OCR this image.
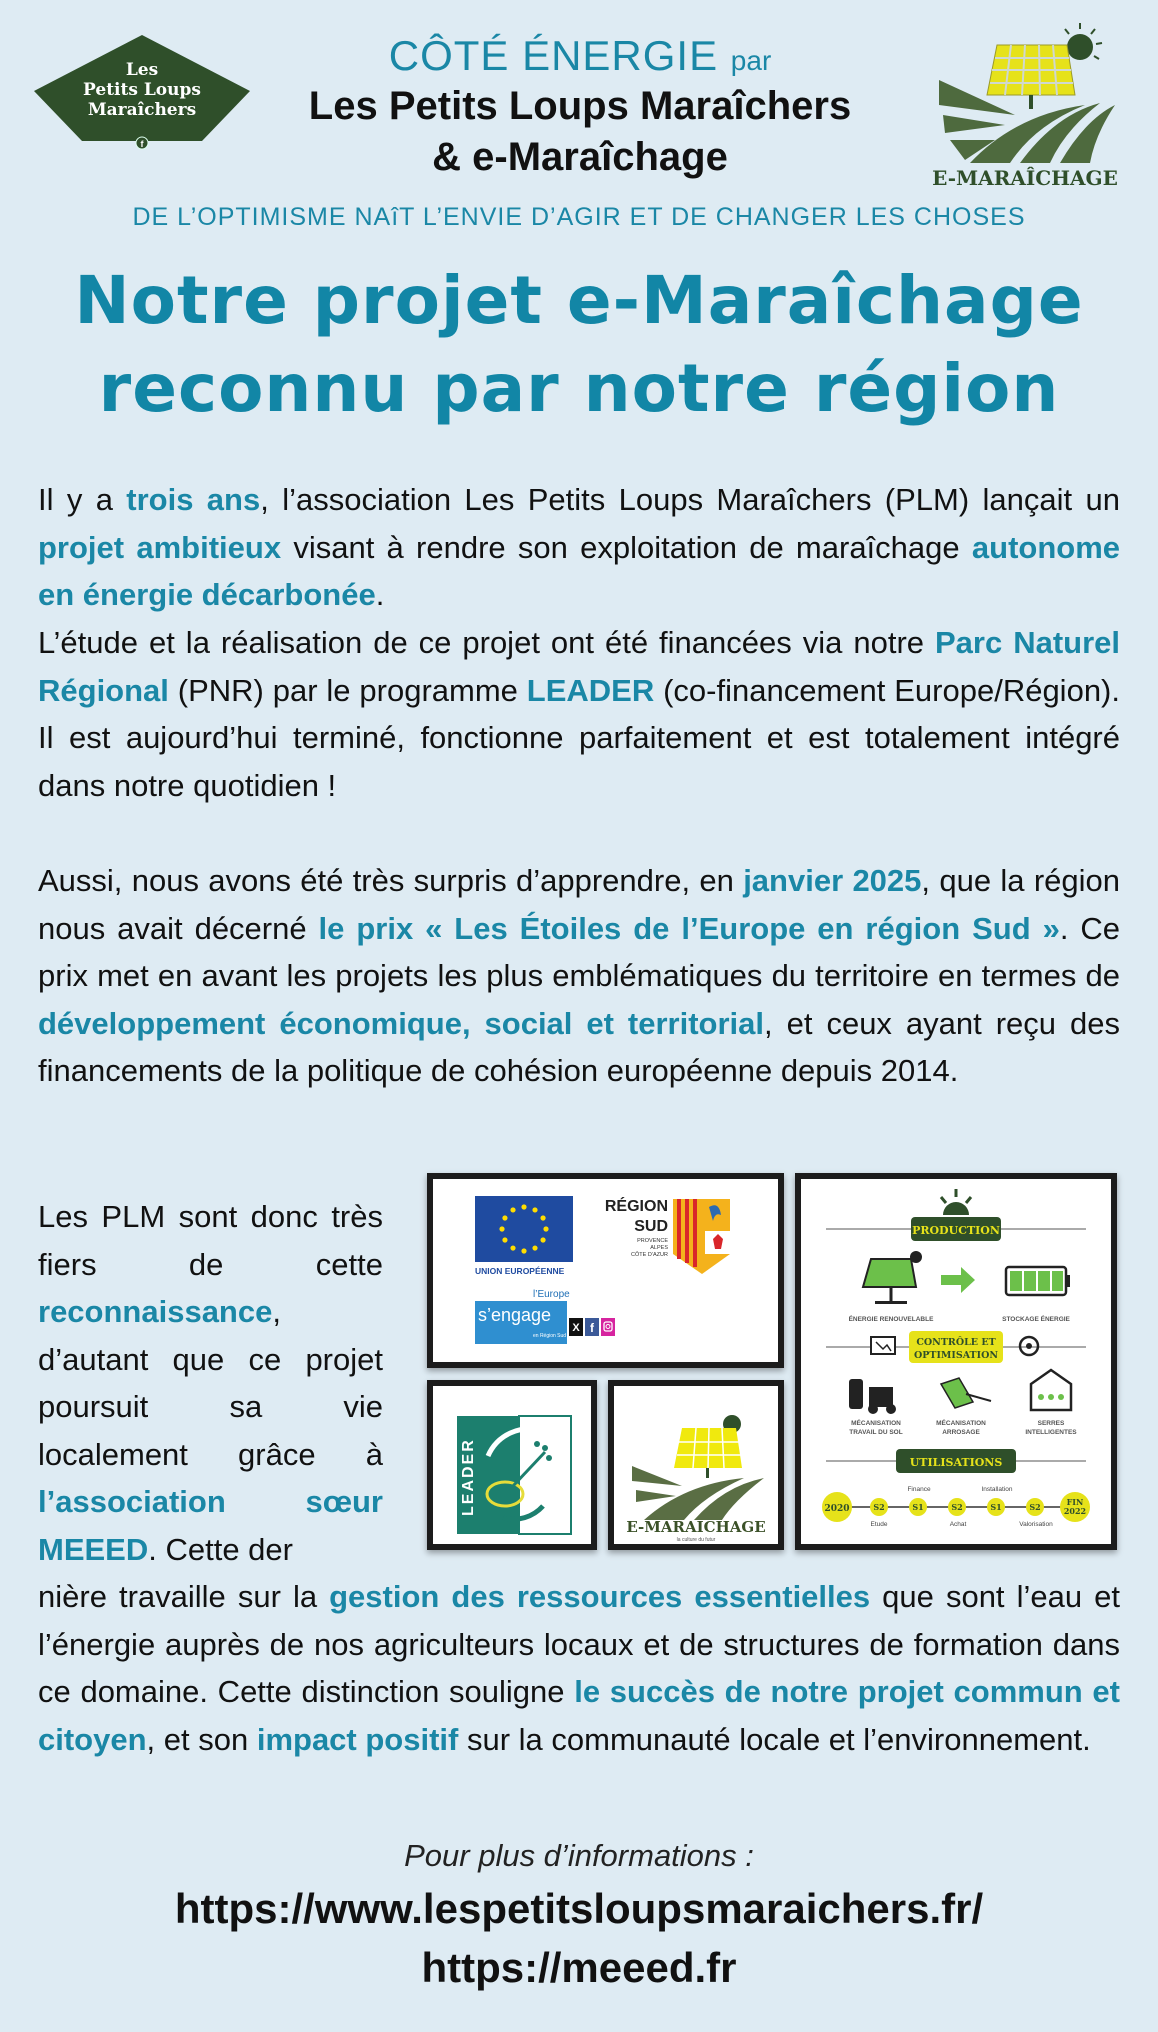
Les
Petits Loups
Maraîchers
f
CÔTÉ ÉNERGIE par
Les Petits Loups Maraîchers
& e-Maraîchage	E-MARAÎCHAGE
DE L’OPTIMISME NAîT L’ENVIE D’AGIR ET DE CHANGER LES CHOSES
Notre projet e-Maraîchage
reconnu par notre région
Il y a trois ans, l’association Les Petits Loups Maraîchers (PLM) lançait un projet ambitieux visant à rendre son exploitation de maraîchage autonome en énergie décarbonée.
L’étude et la réalisation de ce projet ont été financées via notre Parc Naturel Régional (PNR) par le programme LEADER (co-financement Europe/Région). Il est aujourd’hui terminé, fonctionne parfaitement et est totalement intégré dans notre quotidien !
Aussi, nous avons été très surpris d’apprendre, en janvier 2025, que la région nous avait décerné le prix « Les Étoiles de l’Europe en région Sud ». Ce prix met en avant les projets les plus emblématiques du territoire en termes de développement économique, social et territorial, et ceux ayant reçu des financements de la politique de cohésion européenne depuis 2014.
Les PLM sont donc très fiers de cette reconnaissance, d’autant que ce projet poursuit sa vie localement grâce à l’association sœur MEEED. Cette der
nière travaille sur la gestion des ressources essentielles que sont l’eau et l’énergie auprès de nos agriculteurs locaux et de structures de formation dans ce domaine. Cette distinction souligne le succès de notre projet commun et citoyen, et son impact positif sur la communauté locale et l’environnement.
UNION EUROPÉENNE
RÉGION
SUD
PROVENCE
ALPES
CÔTE D’AZUR
l’Europe
s’engage
en Région Sud
X f
LEADER
E-MARAICHAGE
la culture du futur
PRODUCTION
ÉNERGIE RENOUVELABLE	STOCKAGE ÉNERGIE
CONTRÔLE ET
OPTIMISATION
MÉCANISATION
TRAVAIL DU SOL
MÉCANISATION
ARROSAGE
SERRES
INTELLIGENTES
UTILISATIONS
2020
FIN
2022
S2	S1	S2	S1	S2
Finance	Installation
Etude	Achat	Valorisation
Pour plus d’informations :
https://www.lespetitsloupsmaraichers.fr/
https://meeed.fr
